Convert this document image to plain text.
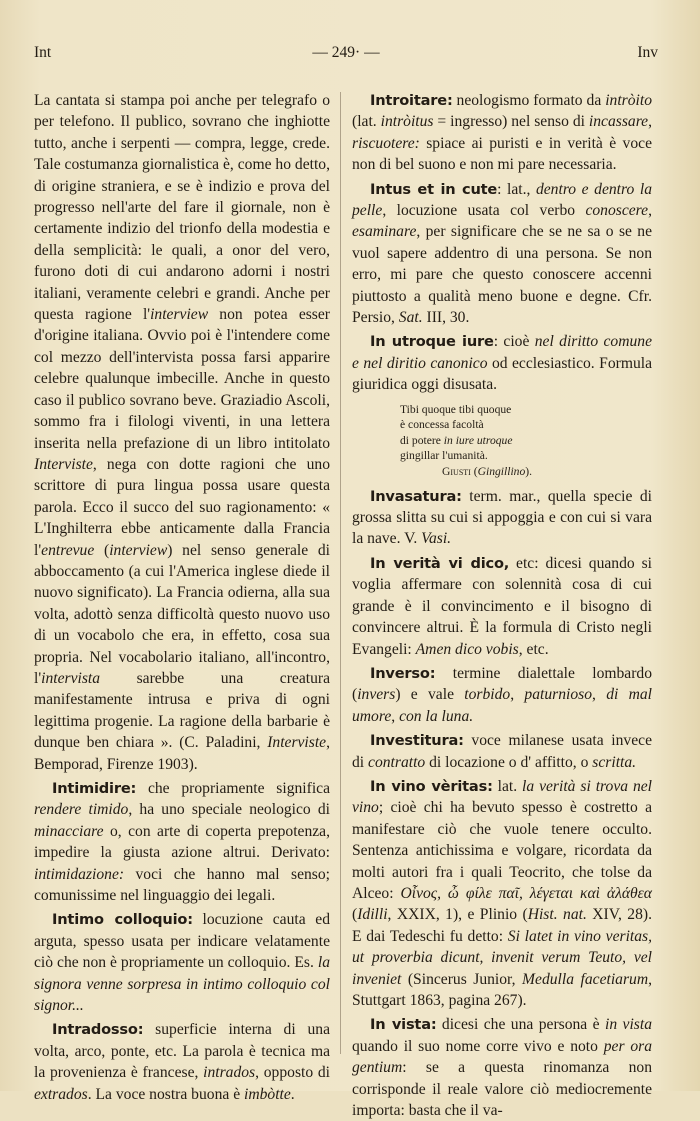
Int	— 249· —	Inv

La cantata si stampa poi anche per telegrafo o per telefono. Il publico, sovrano che inghiotte tutto, anche i serpenti — compra, legge, crede. Tale costumanza giornalistica è, come ho detto, di origine straniera, e se è indizio e prova del progresso nell'arte del fare il giornale, non è certamente indizio del trionfo della modestia e della semplicità: le quali, a onor del vero, furono doti di cui andarono adorni i nostri italiani, veramente celebri e grandi. Anche per questa ragione l'interview non potea esser d'origine italiana. Ovvio poi è l'intendere come col mezzo dell'intervista possa farsi apparire celebre qualunque imbecille. Anche in questo caso il publico sovrano beve. Graziadio Ascoli, sommo fra i filologi viventi, in una lettera inserita nella prefazione di un libro intitolato Interviste, nega con dotte ragioni che uno scrittore di pura lingua possa usare questa parola. Ecco il succo del suo ragionamento: « L'Inghilterra ebbe anticamente dalla Francia l'entrevue (interview) nel senso generale di abboccamento (a cui l'America inglese diede il nuovo significato). La Francia odierna, alla sua volta, adottò senza difficoltà questo nuovo uso di un vocabolo che era, in effetto, cosa sua propria. Nel vocabolario italiano, all'incontro, l'intervista sarebbe una creatura manifestamente intrusa e priva di ogni legittima progenie. La ragione della barbarie è dunque ben chiara ». (C. Paladini, Interviste, Bemporad, Firenze 1903).

Intimidire: che propriamente significa rendere timido, ha uno speciale neologico di minacciare o, con arte di coperta prepotenza, impedire la giusta azione altrui. Derivato: intimidazione: voci che hanno mal senso; comunissime nel linguaggio dei legali.

Intimo colloquio: locuzione cauta ed arguta, spesso usata per indicare velatamente ciò che non è propriamente un colloquio. Es. la signora venne sorpresa in intimo colloquio col signor...

Intradosso: superficie interna di una volta, arco, ponte, etc. La parola è tecnica ma la provenienza è francese, intrados, opposto di extrados. La voce nostra buona è imbòtte.

Introitare: neologismo formato da intròito (lat. intròitus = ingresso) nel senso di incassare, riscuotere: spiace ai puristi e in verità è voce non di bel suono e non mi pare necessaria.

Intus et in cute: lat., dentro e dentro la pelle, locuzione usata col verbo conoscere, esaminare, per significare che se ne sa o se ne vuol sapere addentro di una persona. Se non erro, mi pare che questo conoscere accenni piuttosto a qualità meno buone e degne. Cfr. Persio, Sat. III, 30.

In utroque iure: cioè nel diritto comune e nel diritio canonico od ecclesiastico. Formula giuridica oggi disusata.

Tibi quoque tibi quoque
è concessa facoltà
di potere in iure utroque
gingillar l'umanità.
Giusti (Gingillino).

Invasatura: term. mar., quella specie di grossa slitta su cui si appoggia e con cui si vara la nave. V. Vasi.

In verità vi dico, etc: dicesi quando si voglia affermare con solennità cosa di cui grande è il convincimento e il bisogno di convincere altrui. È la formula di Cristo negli Evangeli: Amen dico vobis, etc.

Inverso: termine dialettale lombardo (invers) e vale torbido, paturnioso, di mal umore, con la luna.

Investitura: voce milanese usata invece di contratto di locazione o d' affitto, o scritta.

In vino vèritas: lat. la verità si trova nel vino; cioè chi ha bevuto spesso è costretto a manifestare ciò che vuole tenere occulto. Sentenza antichissima e volgare, ricordata da molti autori fra i quali Teocrito, che tolse da Alceo: Οἶνος, ὦ φίλε παῖ, λέγεται καὶ ἀλάθεα (Idilli, XXIX, 1), e Plinio (Hist. nat. XIV, 28). E dai Tedeschi fu detto: Si latet in vino veritas, ut proverbia dicunt, invenit verum Teuto, vel inveniet (Sincerus Junior, Medulla facetiarum, Stuttgart 1863, pagina 267).

In vista: dicesi che una persona è in vista quando il suo nome corre vivo e noto per ora gentium: se a questa rinomanza non corrisponde il reale valore ciò mediocremente importa: basta che il va-
